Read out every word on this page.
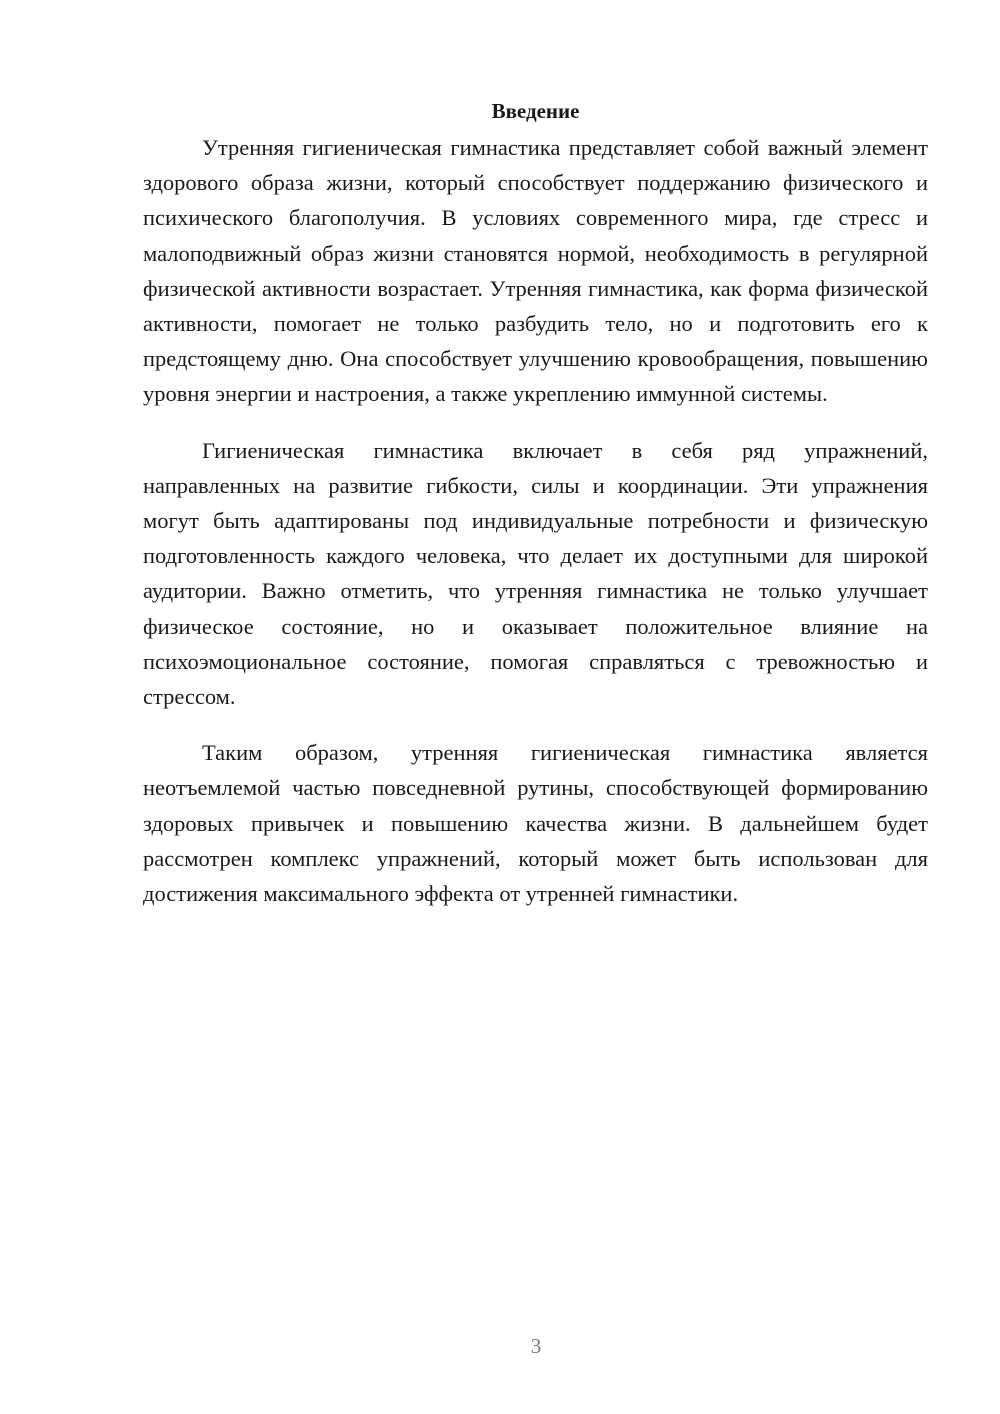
Введение

Утренняя гигиеническая гимнастика представляет собой важный элемент здорового образа жизни, который способствует поддержанию физического и психического благополучия. В условиях современного мира, где стресс и малоподвижный образ жизни становятся нормой, необходимость в регулярной физической активности возрастает. Утренняя гимнастика, как форма физической активности, помогает не только разбудить тело, но и подготовить его к предстоящему дню. Она способствует улучшению кровообращения, повышению уровня энергии и настроения, а также укреплению иммунной системы.

Гигиеническая гимнастика включает в себя ряд упражнений, направленных на развитие гибкости, силы и координации. Эти упражнения могут быть адаптированы под индивидуальные потребности и физическую подготовленность каждого человека, что делает их доступными для широкой аудитории. Важно отметить, что утренняя гимнастика не только улучшает физическое состояние, но и оказывает положительное влияние на психоэмоциональное состояние, помогая справляться с тревожностью и стрессом.

Таким образом, утренняя гигиеническая гимнастика является неотъемлемой частью повседневной рутины, способствующей формированию здоровых привычек и повышению качества жизни. В дальнейшем будет рассмотрен комплекс упражнений, который может быть использован для достижения максимального эффекта от утренней гимнастики.

3
